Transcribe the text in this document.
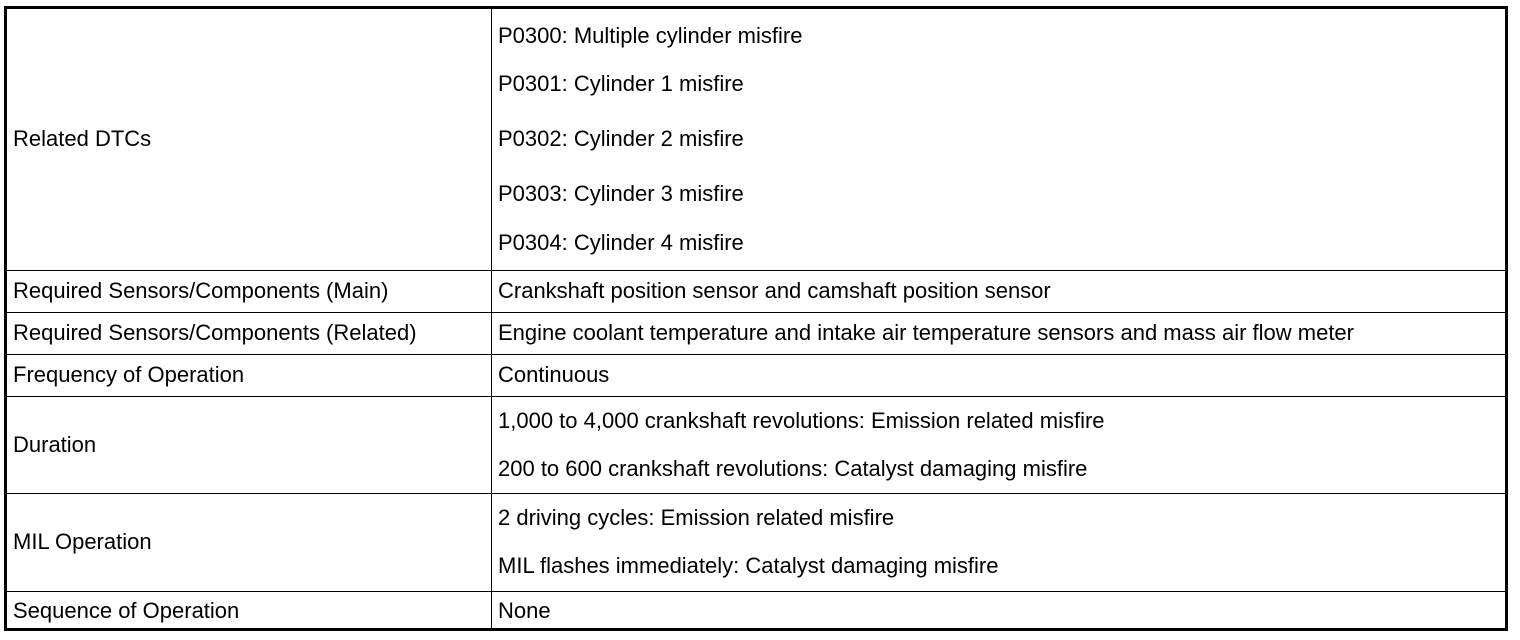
Related DTCs	P0300: Multiple cylinder misfire
P0301: Cylinder 1 misfire
P0302: Cylinder 2 misfire
P0303: Cylinder 3 misfire
P0304: Cylinder 4 misfire

Required Sensors/Components (Main)	Crankshaft position sensor and camshaft position sensor
Required Sensors/Components (Related)	Engine coolant temperature and intake air temperature sensors and mass air flow meter
Frequency of Operation	Continuous
Duration	1,000 to 4,000 crankshaft revolutions: Emission related misfire
200 to 600 crankshaft revolutions: Catalyst damaging misfire

MIL Operation	2 driving cycles: Emission related misfire
MIL flashes immediately: Catalyst damaging misfire

Sequence of Operation	None
